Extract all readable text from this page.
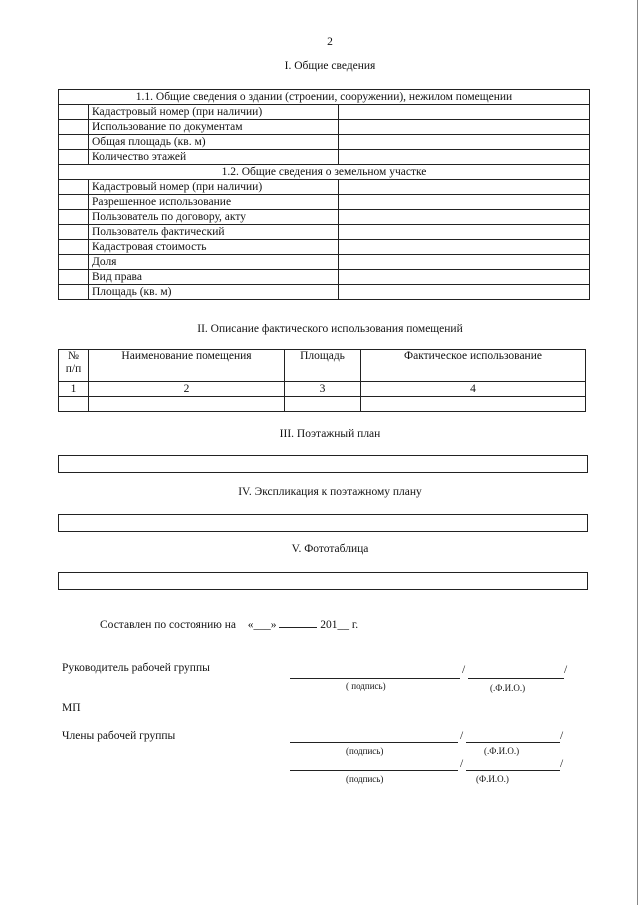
2
I. Общие сведения
1.1. Общие сведения о здании (строении, сооружении), нежилом помещении		
	Кадастровый номер (при наличии)	
	Использование по документам	
	Общая площадь (кв. м)	
	Количество этажей	
1.2. Общие сведения о земельном участке		
	Кадастровый номер (при наличии)	
	Разрешенное использование	
	Пользователь по договору, акту	
	Пользователь фактический	
	Кадастровая стоимость	
	Доля	
	Вид права	
	Площадь (кв. м)	
II. Описание фактического использования помещений
№
п/п	Наименование помещения	Площадь	Фактическое использование
1	2	3	4

III. Поэтажный план
IV. Экспликация к поэтажному плану
V. Фототаблица
Составлен по состоянию на «___»	201__ г.
Руководитель рабочей группы	/	/
( подпись)	(.Ф.И.О.)
МП
Члены рабочей группы	/	/
(подпись)	(.Ф.И.О.)
/	/
(подпись)	(Ф.И.О.)
